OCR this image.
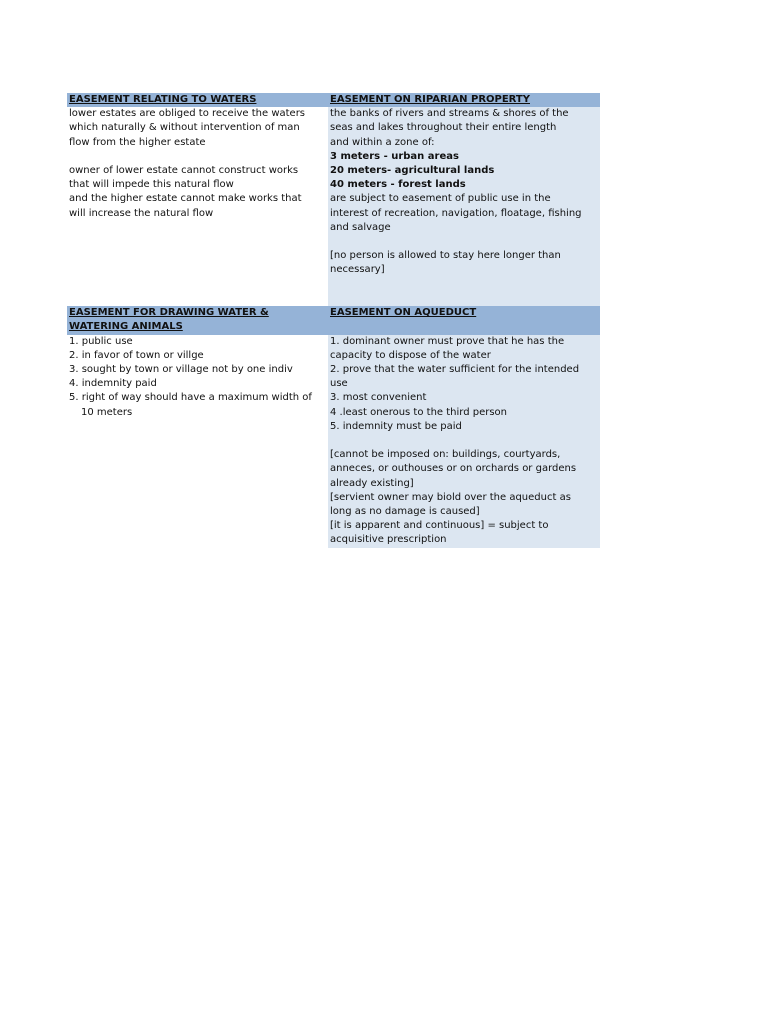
EASEMENT RELATING TO WATERS	EASEMENT ON RIPARIAN PROPERTY
lower estates are obliged to receive the waters
which naturally & without intervention of man
flow from the higher estate
owner of lower estate cannot construct works
that will impede this natural flow
and the higher estate cannot make works that
will increase the natural flow
the banks of rivers and streams & shores of the
seas and lakes throughout their entire length
and within a zone of:
3 meters - urban areas
20 meters- agricultural lands
40 meters - forest lands
are subject to easement of public use in the
interest of recreation, navigation, floatage, fishing
and salvage
[no person is allowed to stay here longer than
necessary]
EASEMENT FOR DRAWING WATER &
WATERING ANIMALS
EASEMENT ON AQUEDUCT
1. public use
2. in favor of town or villge
3. sought by town or village not by one indiv
4. indemnity paid
5. right of way should have a maximum width of
10 meters
1. dominant owner must prove that he has the
capacity to dispose of the water
2. prove that the water sufficient for the intended
use
3. most convenient
4 .least onerous to the third person
5. indemnity must be paid
[cannot be imposed on: buildings, courtyards,
anneces, or outhouses or on orchards or gardens
already existing]
[servient owner may biold over the aqueduct as
long as no damage is caused]
[it is apparent and continuous] = subject to
acquisitive prescription
